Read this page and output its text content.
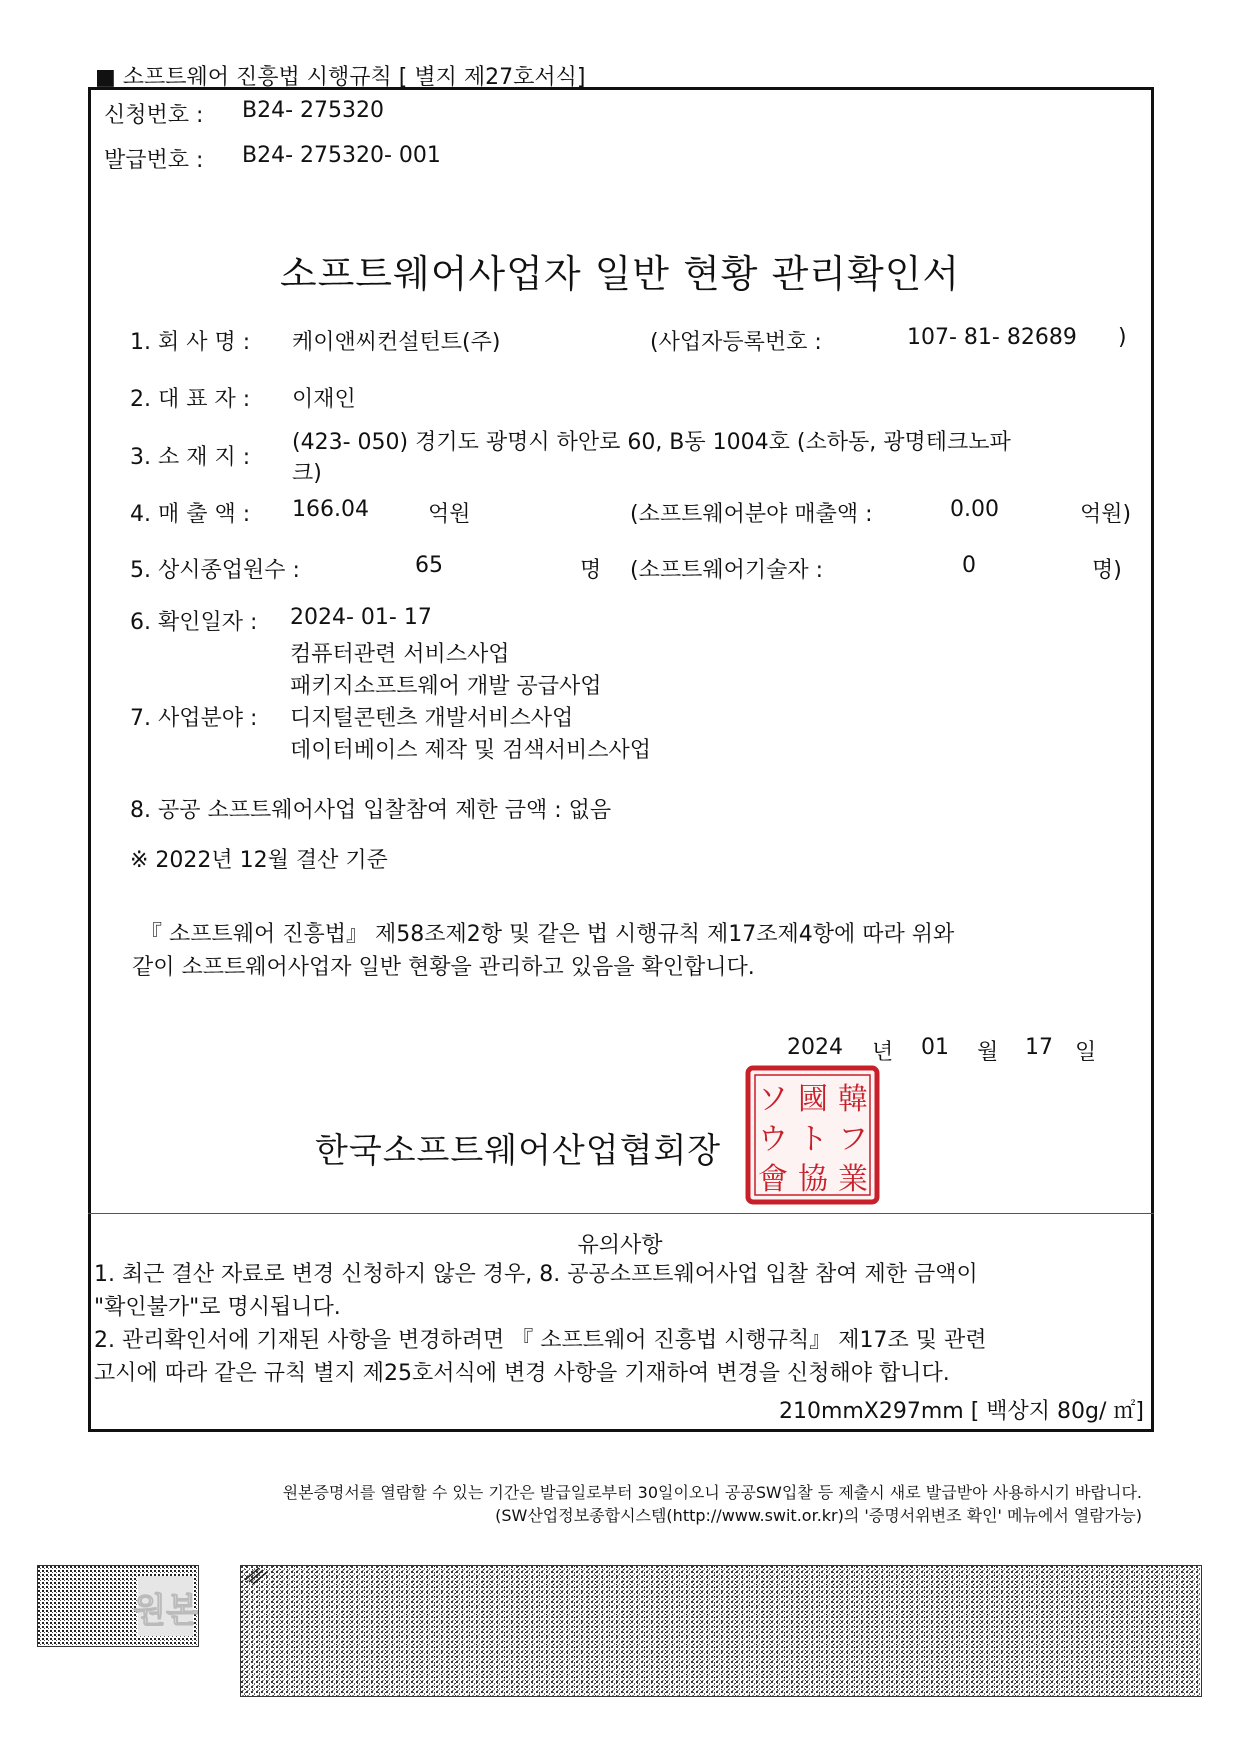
■ 소프트웨어 진흥법 시행규칙 [ 별지 제27호서식]
신청번호 : B24- 275320
발급번호 : B24- 275320- 001
소프트웨어사업자 일반 현황 관리확인서
1. 회 사 명 : 케이앤씨컨설턴트(주)	(사업자등록번호 :	107- 81- 82689 )
2. 대 표 자 : 이재인
3. 소 재 지 :
(423- 050) 경기도 광명시 하안로 60, B동 1004호 (소하동, 광명테크노파
크)
4. 매 출 액 : 166.04	억원	(소프트웨어분야 매출액 :	0.00	억원)
5. 상시종업원수 :	65	명 (소프트웨어기술자 :	0	명)
6. 확인일자 : 2024- 01- 17
컴퓨터관련 서비스사업
패키지소프트웨어 개발 공급사업
7. 사업분야 : 디지털콘텐츠 개발서비스사업
데이터베이스 제작 및 검색서비스사업
8. 공공 소프트웨어사업 입찰참여 제한 금액 : 없음
※ 2022년 12월 결산 기준
『 소프트웨어 진흥법』 제58조제2항 및 같은 법 시행규칙 제17조제4항에 따라 위와
같이 소프트웨어사업자 일반 현황을 관리하고 있음을 확인합니다.
2024 년 01 월 17 일
한국소프트웨어산업협회장
韓
國
ソ
フ
ト
ウ
業
協
會
유의사항
1. 최근 결산 자료로 변경 신청하지 않은 경우, 8. 공공소프트웨어사업 입찰 참여 제한 금액이
"확인불가"로 명시됩니다.
2. 관리확인서에 기재된 사항을 변경하려면 『 소프트웨어 진흥법 시행규칙』 제17조 및 관련
고시에 따라 같은 규칙 별지 제25호서식에 변경 사항을 기재하여 변경을 신청해야 합니다.
210mmX297mm [ 백상지 80g/ ㎡]
원본증명서를 열람할 수 있는 기간은 발급일로부터 30일이오니 공공SW입찰 등 제출시 새로 발급받아 사용하시기 바랍니다.
(SW산업정보종합시스템(http://www.swit.or.kr)의 '증명서위변조 확인' 메뉴에서 열람가능)
원본
